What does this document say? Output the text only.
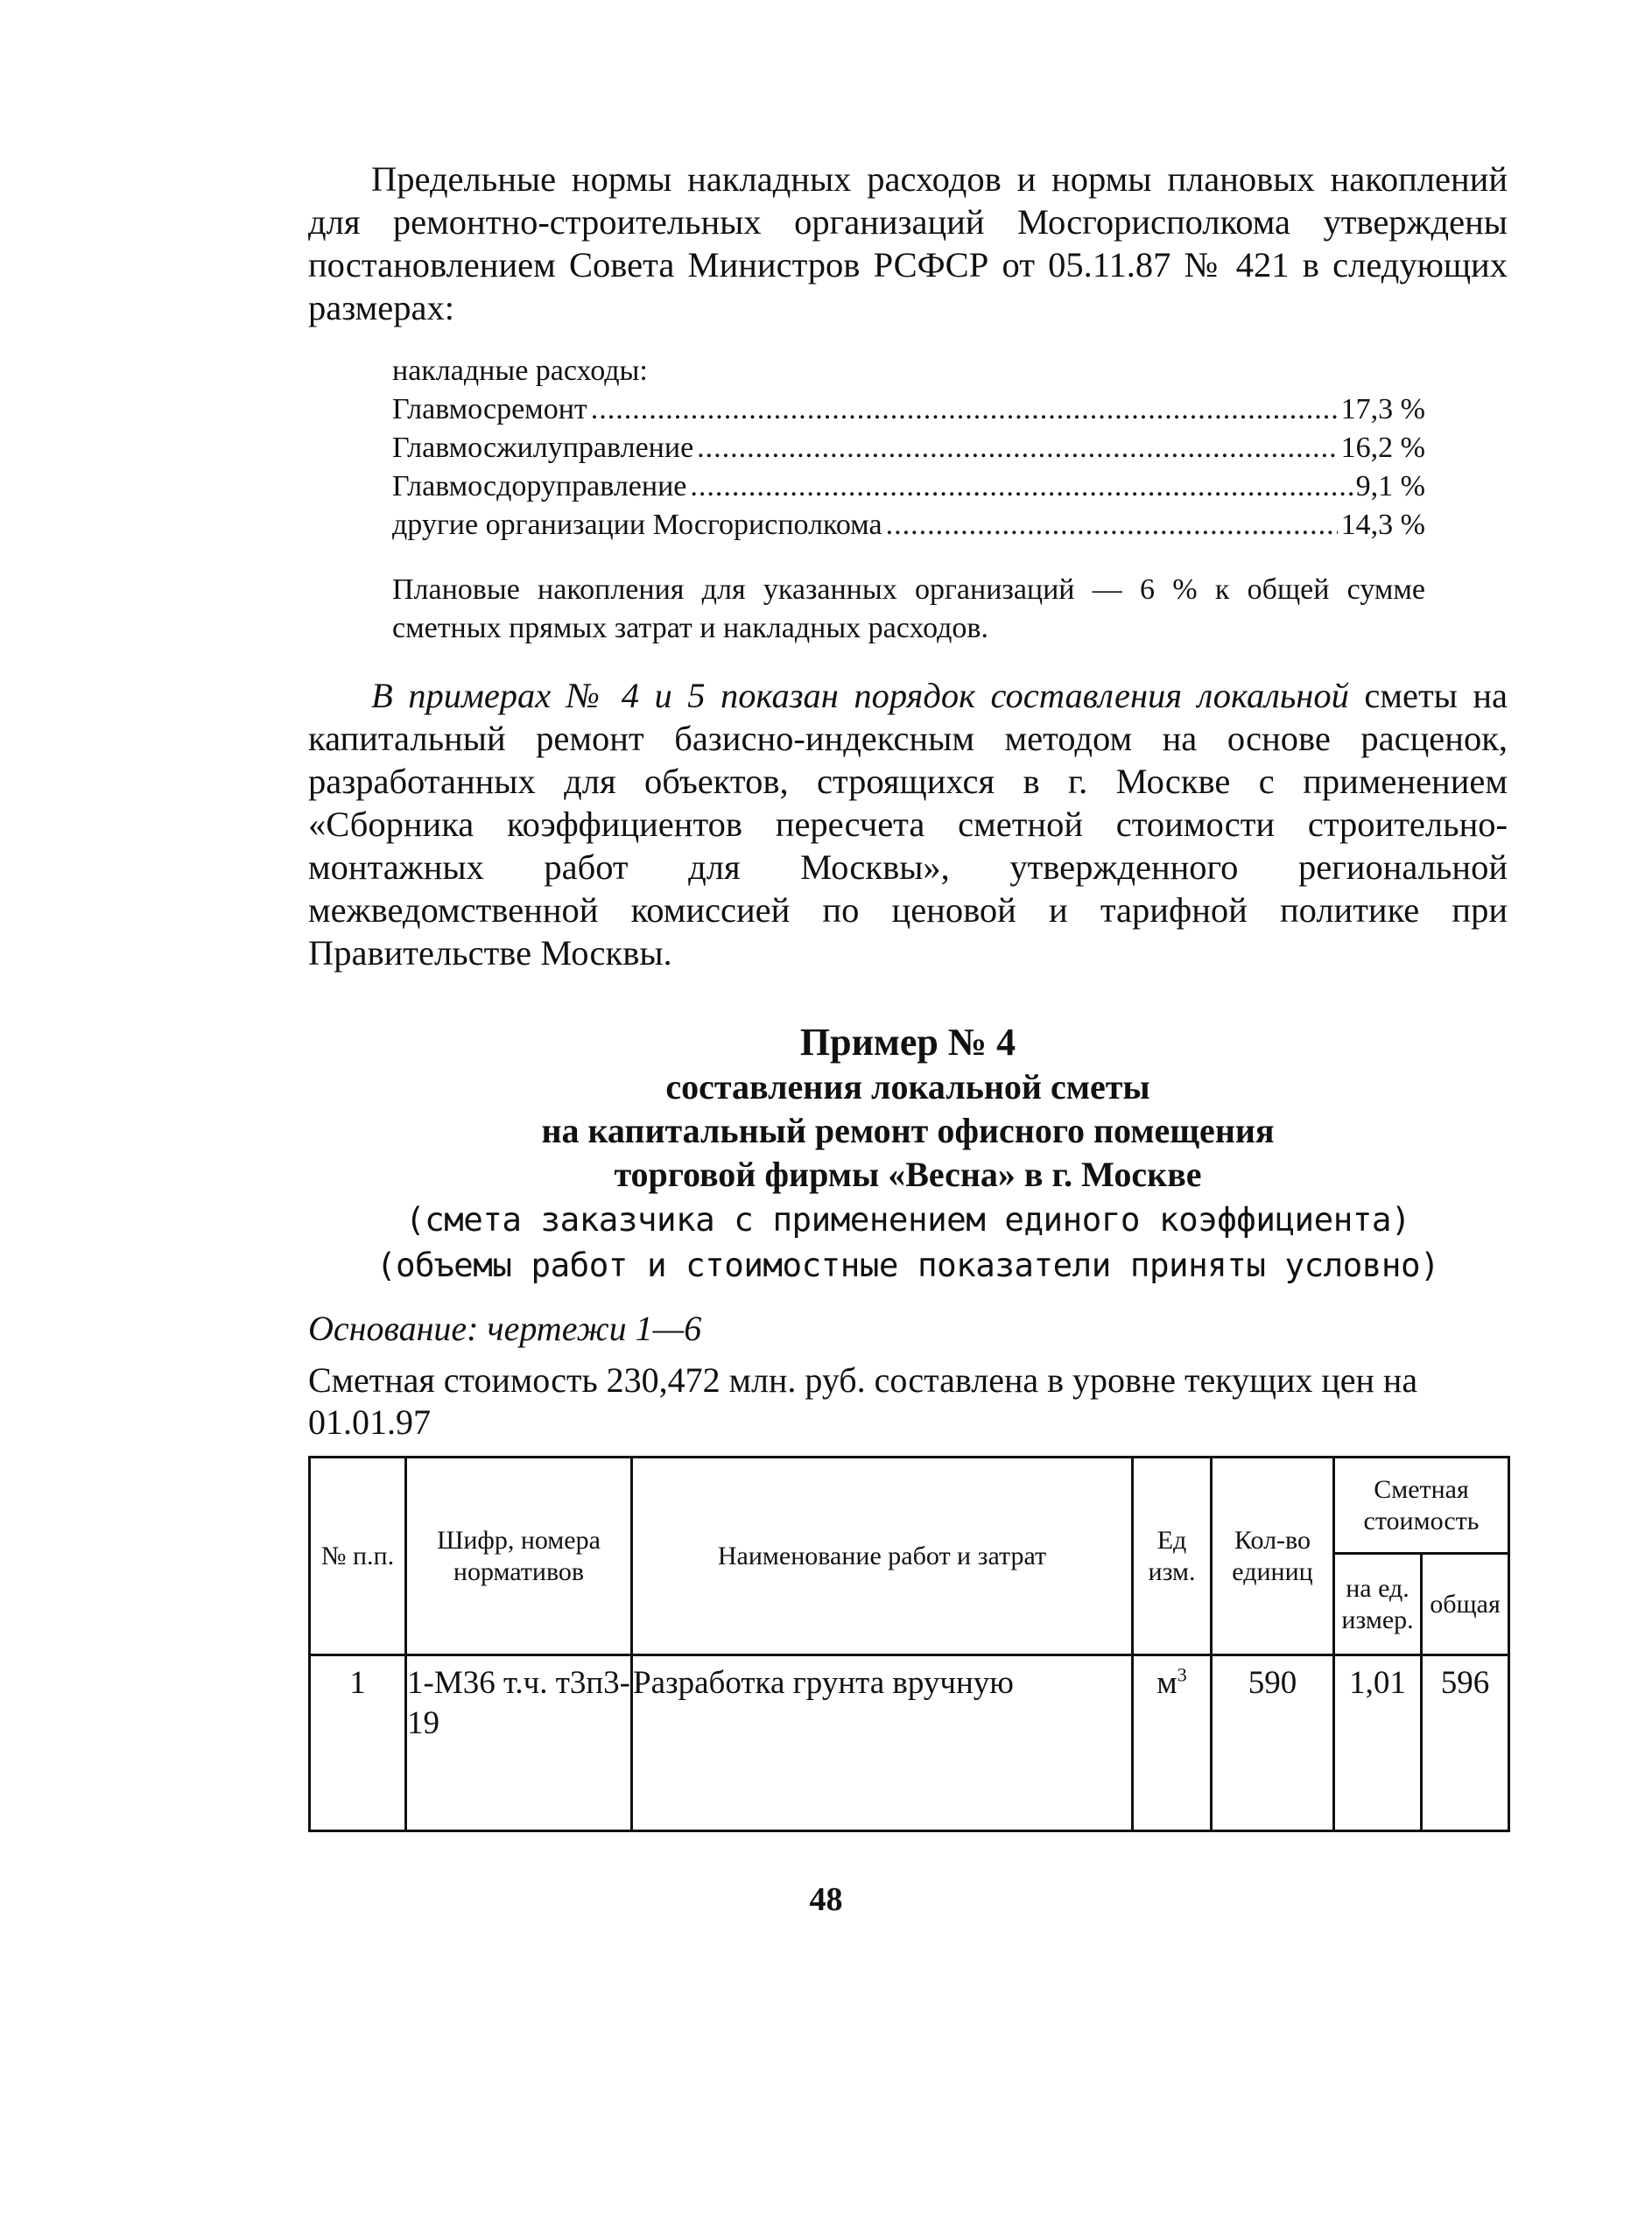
Предельные нормы накладных расходов и нормы плановых накоплений для ремонтно-строительных организаций Мосгорисполкома утверждены постановлением Совета Министров РСФСР от 05.11.87 № 421 в следующих размерах:

накладные расходы:
Главмосремонт .....	17,3 %
Главмосжилуправление .....	16,2 %
Главмосдоруправление .....	9,1 %
другие организации Мосгорисполкома .....	14,3 %
Плановые накопления для указанных организаций — 6 % к общей сумме сметных прямых затрат и накладных расходов.

В примерах № 4 и 5 показан порядок составления локальной сметы на капитальный ремонт базисно-индексным методом на основе расценок, разработанных для объектов, строящихся в г. Москве с применением «Сборника коэффициентов пересчета сметной стоимости строительно-монтажных работ для Москвы», утвержденного региональной межведомственной комиссией по ценовой и тарифной политике при Правительстве Москвы.

Пример № 4
составления локальной сметы
на капитальный ремонт офисного помещения
торговой фирмы «Весна» в г. Москве
(смета заказчика с применением единого коэффициента)
(объемы работ и стоимостные показатели приняты условно)
Основание: чертежи 1—6
Сметная стоимость 230,472 млн. руб. составлена в уровне текущих цен на 01.01.97
№ п.п.	Шифр, номера нормативов	Наименование работ и затрат	Ед изм.	Кол-во единиц	Сметная стоимость	
					на ед. измер.	общая
1	1-М36 т.ч. т3п3-19	Разработка грунта вручную	$м^3$	590	1,01	596
48
